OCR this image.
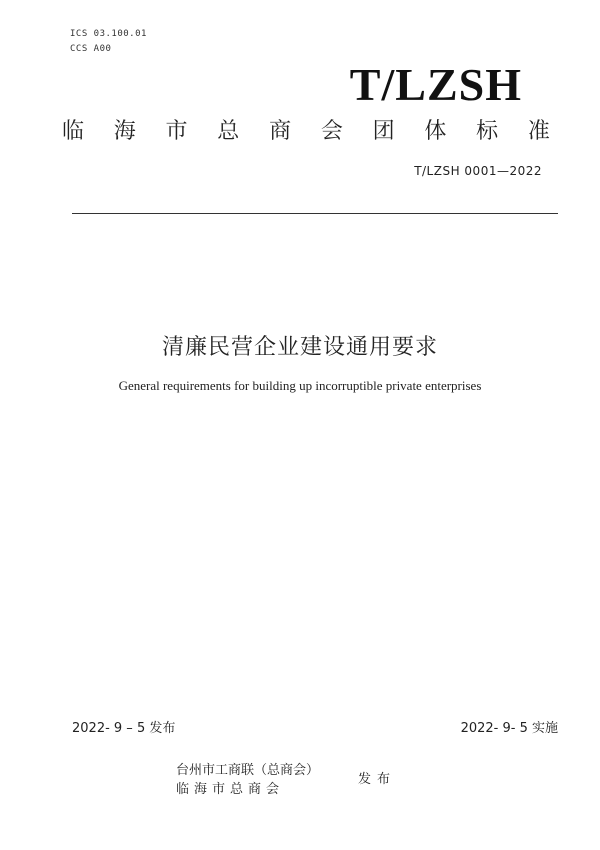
ICS 03.100.01
CCS A00
T/LZSH
临 海 市 总 商 会 团 体 标 准
T/LZSH 0001—2022
清廉民营企业建设通用要求
General requirements for building up incorruptible private enterprises
2022- 9 – 5 发布	2022- 9- 5 实施
台州市工商联（总商会）
临海市总商会
发布
